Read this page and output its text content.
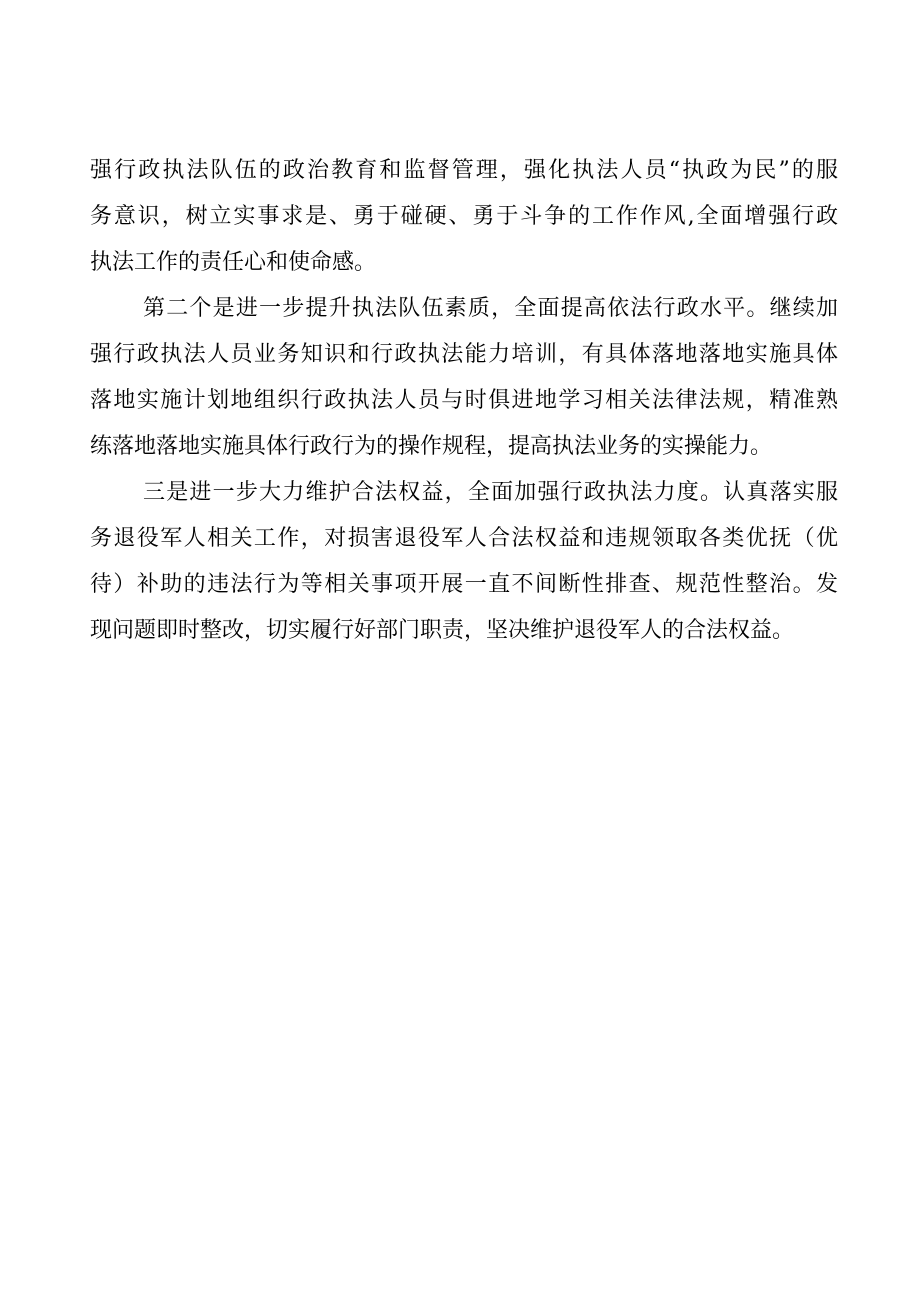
强行政执法队伍的政治教育和监督管理，强化执法人员“执政为民”的服
务意识，树立实事求是、勇于碰硬、勇于斗争的工作作风,全面增强行政
执法工作的责任心和使命感。
第二个是进一步提升执法队伍素质，全面提高依法行政水平。继续加
强行政执法人员业务知识和行政执法能力培训，有具体落地落地实施具体
落地实施计划地组织行政执法人员与时俱进地学习相关法律法规，精准熟
练落地落地实施具体行政行为的操作规程，提高执法业务的实操能力。
三是进一步大力维护合法权益，全面加强行政执法力度。认真落实服
务退役军人相关工作，对损害退役军人合法权益和违规领取各类优抚（优
待）补助的违法行为等相关事项开展一直不间断性排查、规范性整治。发
现问题即时整改，切实履行好部门职责，坚决维护退役军人的合法权益。
